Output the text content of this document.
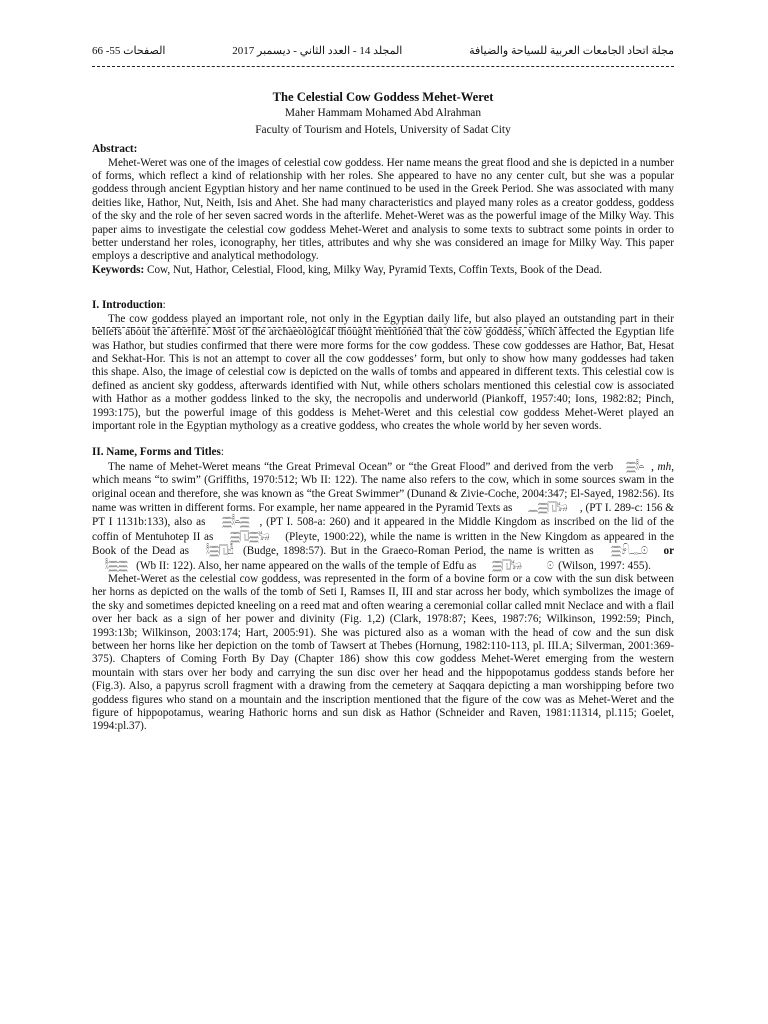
الصفحات 55- 66	المجلد 14 - العدد الثاني - ديسمبر 2017	مجلة اتحاد الجامعات العربية للسياحة والضيافة

The Celestial Cow Goddess Mehet-Weret

Maher Hammam Mohamed Abd Alrahman

Faculty of Tourism and Hotels, University of Sadat City

Abstract:

Mehet-Weret was one of the images of celestial cow goddess. Her name means the great flood and she is depicted in a number of forms, which reflect a kind of relationship with her roles. She appeared to have no any center cult, but she was a popular goddess through ancient Egyptian history and her name continued to be used in the Greek Period. She was associated with many deities like, Hathor, Nut, Neith, Isis and Ahet. She had many characteristics and played many roles as a creator goddess, goddess of the sky and the role of her seven sacred words in the afterlife. Mehet-Weret was as the powerful image of the Milky Way. This paper aims to investigate the celestial cow goddess Mehet-Weret and analysis to some texts to subtract some points in order to better understand her roles, iconography, her titles, attributes and why she was considered an image for Milky Way. This paper employs a descriptive and analytical methodology.

Keywords: Cow, Nut, Hathor, Celestial, Flood, king, Milky Way, Pyramid Texts, Coffin Texts, Book of the Dead.

I. Introduction:

The cow goddess played an important role, not only in the Egyptian daily life, but also played an outstanding part in their beliefs about the afterlife. Most of the archaeological thought mentioned that the cow goddess, which affected the Egyptian life was Hathor, but studies confirmed that there were more forms for the cow goddess. These cow goddesses are Hathor, Bat, Hesat and Sekhat-Hor. This is not an attempt to cover all the cow goddesses’ form, but only to show how many goddesses had taken this shape. Also, the image of celestial cow is depicted on the walls of tombs and appeared in different texts. This celestial cow is defined as ancient sky goddess, afterwards identified with Nut, while others scholars mentioned this celestial cow is associated with Hathor as a mother goddess linked to the sky, the necropolis and underworld (Piankoff, 1957:40; Ions, 1982:82; Pinch, 1993:175), but the powerful image of this goddess is Mehet-Weret and this celestial cow goddess Mehet-Weret played an important role in the Egyptian mythology as a creative goddess, who creates the whole world by her seven words.

II. Name, Forms and Titles:

The name of Mehet-Weret means “the Great Primeval Ocean” or “the Great Flood” and derived from the verb 𓈗𓎛𓏏 , mh, which means “to swim” (Griffiths, 1970:512; Wb II: 122). The name also refers to the cow, which in some sources swam in the original ocean and therefore, she was known as “the Great Swimmer” (Dunand & Zivie-Coche, 2004:347; El-Sayed, 1982:56). Its name was written in different forms. For example, her name appeared in the Pyramid Texts as 𓈖𓈗𓉔𓃒 , (PT I. 289-c: 156 & PT I 1131b:133), also as 𓈗𓎛𓏏𓈗 , (PT I. 508-a: 260) and it appeared in the Middle Kingdom as inscribed on the lid of the coffin of Mentuhotep II as 𓈗𓉔𓈗𓃒 (Pleyte, 1900:22), while the name is written in the New Kingdom as appeared in the Book of the Dead as 𓎛𓈗𓉔𓁐 (Budge, 1898:57). But in the Graeco-Roman Period, the name is written as 𓈗𓍯𓊃𓇳 or 𓎛𓈗𓈗 (Wb II: 122). Also, her name appeared on the walls of the temple of Edfu as 𓈗𓉔𓃒 𓇳 (Wilson, 1997: 455).

Mehet-Weret as the celestial cow goddess, was represented in the form of a bovine form or a cow with the sun disk between her horns as depicted on the walls of the tomb of Seti I, Ramses II, III and star across her body, which symbolizes the image of the sky and sometimes depicted kneeling on a reed mat and often wearing a ceremonial collar called mnit Neclace and with a flail over her back as a sign of her power and divinity (Fig. 1,2) (Clark, 1978:87; Kees, 1987:76; Wilkinson, 1992:59; Pinch, 1993:13b; Wilkinson, 2003:174; Hart, 2005:91). She was pictured also as a woman with the head of cow and the sun disk between her horns like her depiction on the tomb of Tawsert at Thebes (Hornung, 1982:110-113, pl. III.A; Silverman, 2001:369-375). Chapters of Coming Forth By Day (Chapter 186) show this cow goddess Mehet-Weret emerging from the western mountain with stars over her body and carrying the sun disc over her head and the hippopotamus goddess stands before her (Fig.3). Also, a papyrus scroll fragment with a drawing from the cemetery at Saqqara depicting a man worshipping before two goddess figures who stand on a mountain and the inscription mentioned that the figure of the cow was as Mehet-Weret and the figure of hippopotamus, wearing Hathoric horns and sun disk as Hathor (Schneider and Raven, 1981:11314, pl.115; Goelet, 1994:pl.37).
